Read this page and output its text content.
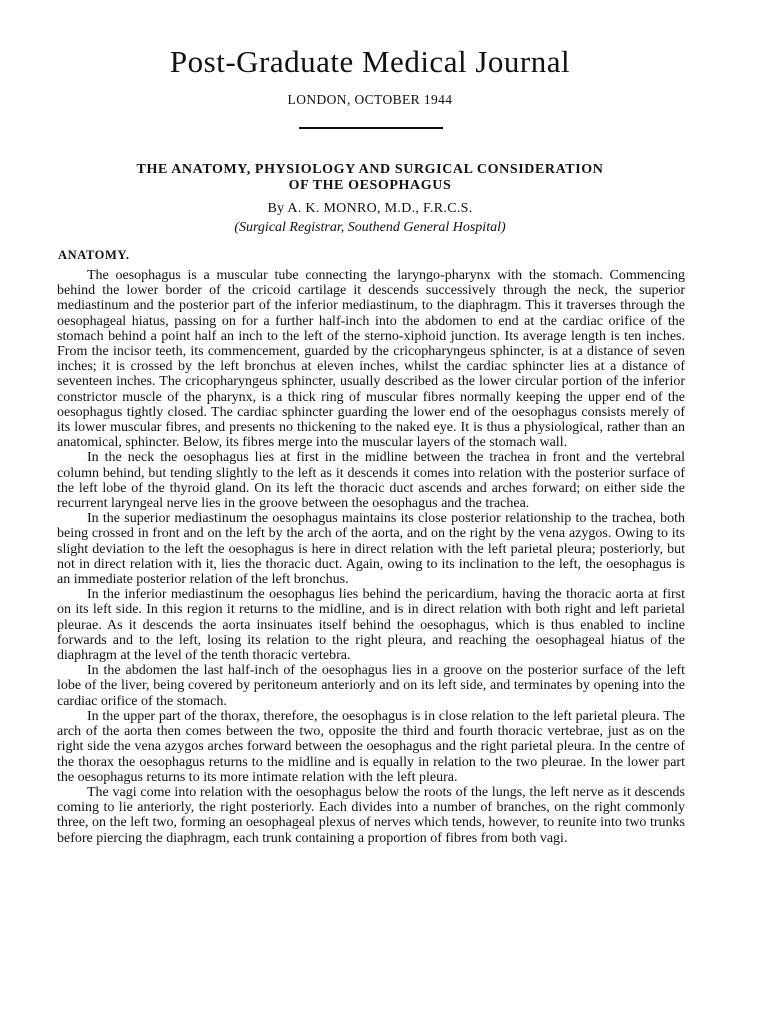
Post-Graduate Medical Journal
LONDON, OCTOBER 1944
THE ANATOMY, PHYSIOLOGY AND SURGICAL CONSIDERATION
OF THE OESOPHAGUS
By A. K. MONRO, M.D., F.R.C.S.
(Surgical Registrar, Southend General Hospital)
ANATOMY.

The oesophagus is a muscular tube connecting the laryngo-pharynx with the stomach. Commencing behind the lower border of the cricoid cartilage it descends successively through the neck, the superior mediastinum and the posterior part of the inferior mediastinum, to the diaphragm. This it traverses through the oesophageal hiatus, passing on for a further half-inch into the abdomen to end at the cardiac orifice of the stomach behind a point half an inch to the left of the sterno-xiphoid junction. Its average length is ten inches. From the incisor teeth, its commencement, guarded by the cricopharyngeus sphincter, is at a distance of seven inches; it is crossed by the left bronchus at eleven inches, whilst the cardiac sphincter lies at a distance of seventeen inches. The cricopharyngeus sphincter, usually described as the lower circular portion of the inferior constrictor muscle of the pharynx, is a thick ring of muscular fibres normally keeping the upper end of the oesophagus tightly closed. The cardiac sphincter guarding the lower end of the oesophagus consists merely of its lower muscular fibres, and presents no thickening to the naked eye. It is thus a physiological, rather than an anatomical, sphincter. Below, its fibres merge into the muscular layers of the stomach wall.

In the neck the oesophagus lies at first in the midline between the trachea in front and the vertebral column behind, but tending slightly to the left as it descends it comes into relation with the posterior surface of the left lobe of the thyroid gland. On its left the thoracic duct ascends and arches forward; on either side the recurrent laryngeal nerve lies in the groove between the oesophagus and the trachea.

In the superior mediastinum the oesophagus maintains its close posterior relationship to the trachea, both being crossed in front and on the left by the arch of the aorta, and on the right by the vena azygos. Owing to its slight deviation to the left the oesophagus is here in direct relation with the left parietal pleura; posteriorly, but not in direct relation with it, lies the thoracic duct. Again, owing to its inclination to the left, the oesophagus is an immediate posterior relation of the left bronchus.

In the inferior mediastinum the oesophagus lies behind the pericardium, having the thoracic aorta at first on its left side. In this region it returns to the midline, and is in direct relation with both right and left parietal pleurae. As it descends the aorta insinuates itself behind the oesophagus, which is thus enabled to incline forwards and to the left, losing its relation to the right pleura, and reaching the oesophageal hiatus of the diaphragm at the level of the tenth thoracic vertebra.

In the abdomen the last half-inch of the oesophagus lies in a groove on the posterior surface of the left lobe of the liver, being covered by peritoneum anteriorly and on its left side, and terminates by opening into the cardiac orifice of the stomach.

In the upper part of the thorax, therefore, the oesophagus is in close relation to the left parietal pleura. The arch of the aorta then comes between the two, opposite the third and fourth thoracic vertebrae, just as on the right side the vena azygos arches forward between the oesophagus and the right parietal pleura. In the centre of the thorax the oesophagus returns to the midline and is equally in relation to the two pleurae. In the lower part the oesophagus returns to its more intimate relation with the left pleura.

The vagi come into relation with the oesophagus below the roots of the lungs, the left nerve as it descends coming to lie anteriorly, the right posteriorly. Each divides into a number of branches, on the right commonly three, on the left two, forming an oesophageal plexus of nerves which tends, however, to reunite into two trunks before piercing the diaphragm, each trunk containing a proportion of fibres from both vagi.
